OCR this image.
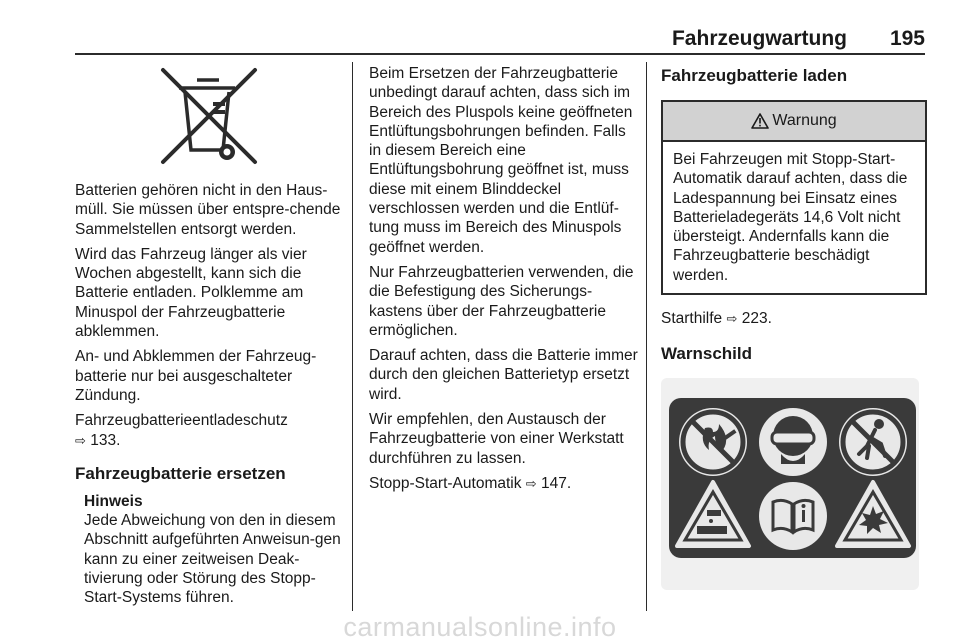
Fahrzeugwartung 195

Batterien gehören nicht in den Haus-müll. Sie müssen über entspre-chende Sammelstellen entsorgt werden.

Wird das Fahrzeug länger als vier Wochen abgestellt, kann sich die Batterie entladen. Polklemme am Minuspol der Fahrzeugbatterie abklemmen.

An- und Abklemmen der Fahrzeug-batterie nur bei ausgeschalteter Zündung.

Fahrzeugbatterieentladeschutz
⇨ 133.

Fahrzeugbatterie ersetzen
Hinweis
Jede Abweichung von den in diesem Abschnitt aufgeführten Anweisun-gen kann zu einer zeitweisen Deak-tivierung oder Störung des Stopp-Start-Systems führen.

Beim Ersetzen der Fahrzeugbatterie unbedingt darauf achten, dass sich im Bereich des Pluspols keine geöffneten Entlüftungsbohrungen befinden. Falls in diesem Bereich eine Entlüftungsbohrung geöffnet ist, muss diese mit einem Blinddeckel verschlossen werden und die Entlüf-tung muss im Bereich des Minuspols geöffnet werden.

Nur Fahrzeugbatterien verwenden, die die Befestigung des Sicherungs-kastens über der Fahrzeugbatterie ermöglichen.

Darauf achten, dass die Batterie immer durch den gleichen Batterietyp ersetzt wird.

Wir empfehlen, den Austausch der Fahrzeugbatterie von einer Werkstatt durchführen zu lassen.

Stopp-Start-Automatik ⇨ 147.

Fahrzeugbatterie laden
Warnung
Bei Fahrzeugen mit Stopp-Start-Automatik darauf achten, dass die Ladespannung bei Einsatz eines Batterieladegeräts 14,6 Volt nicht übersteigt. Andernfalls kann die Fahrzeugbatterie beschädigt werden.

Starthilfe ⇨ 223.

Warnschild
carmanualsonline.info
